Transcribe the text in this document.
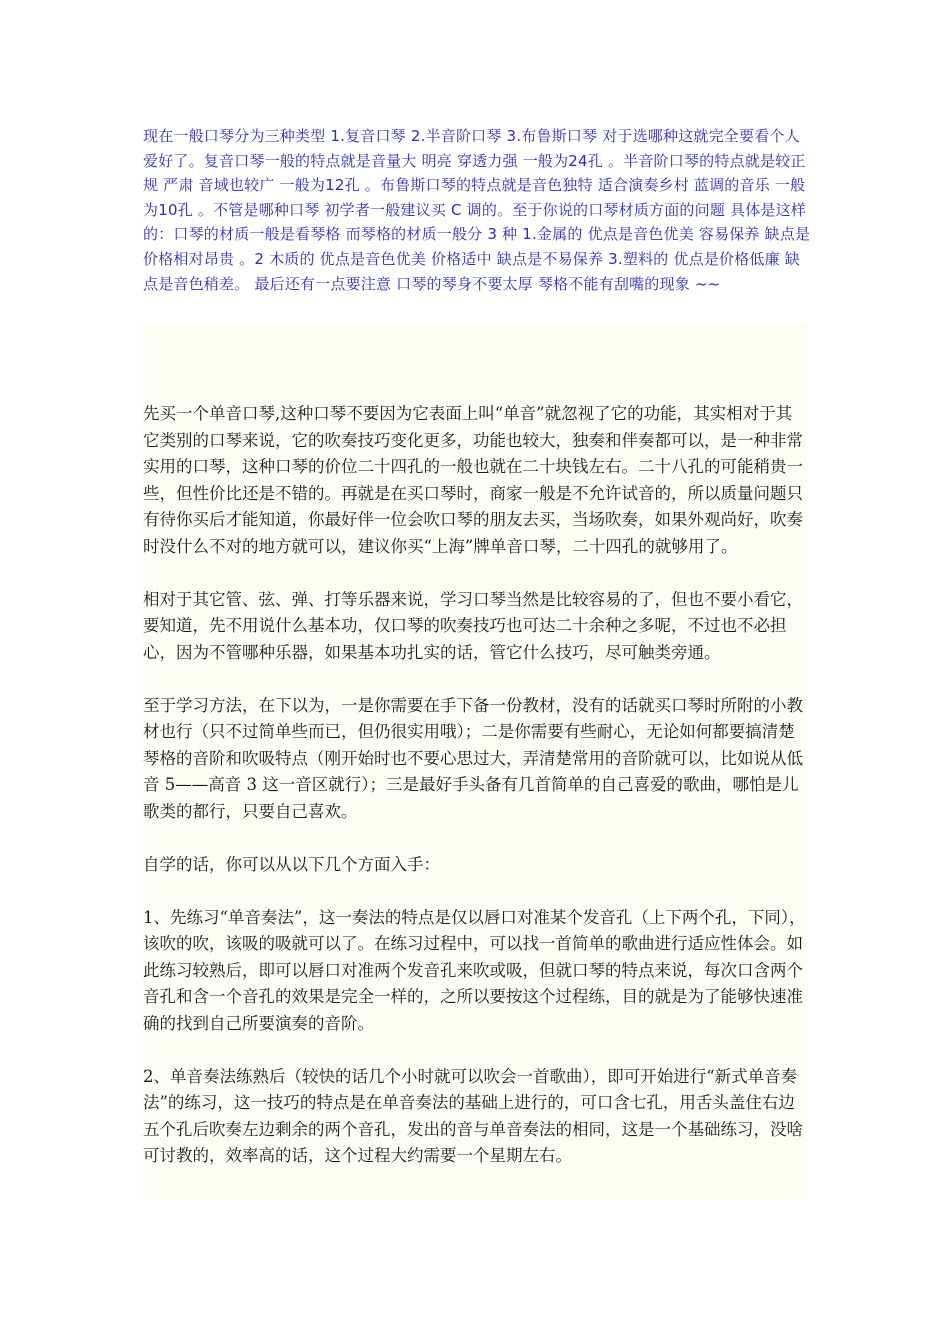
现在一般口琴分为三种类型 1.复音口琴 2.半音阶口琴 3.布鲁斯口琴 对于选哪种这就完全要看个人爱好了。复音口琴一般的特点就是音量大 明亮 穿透力强 一般为24孔 。半音阶口琴的特点就是较正规 严肃 音域也较广 一般为12孔 。布鲁斯口琴的特点就是音色独特 适合演奏乡村 蓝调的音乐 一般为10孔 。不管是哪种口琴 初学者一般建议买 C 调的。至于你说的口琴材质方面的问题 具体是这样的：口琴的材质一般是看琴格 而琴格的材质一般分 3 种 1.金属的 优点是音色优美 容易保养 缺点是 价格相对昂贵 。2 木质的 优点是音色优美 价格适中 缺点是不易保养 3.塑料的 优点是价格低廉 缺点是音色稍差。 最后还有一点要注意 口琴的琴身不要太厚 琴格不能有刮嘴的现象 ~~

先买一个单音口琴,这种口琴不要因为它表面上叫“单音”就忽视了它的功能，其实相对于其它类别的口琴来说，它的吹奏技巧变化更多，功能也较大，独奏和伴奏都可以，是一种非常实用的口琴，这种口琴的价位二十四孔的一般也就在二十块钱左右。二十八孔的可能稍贵一些，但性价比还是不错的。再就是在买口琴时，商家一般是不允许试音的，所以质量问题只有待你买后才能知道，你最好伴一位会吹口琴的朋友去买，当场吹奏，如果外观尚好，吹奏时没什么不对的地方就可以，建议你买“上海”牌单音口琴，二十四孔的就够用了。

相对于其它管、弦、弹、打等乐器来说，学习口琴当然是比较容易的了，但也不要小看它，要知道，先不用说什么基本功，仅口琴的吹奏技巧也可达二十余种之多呢，不过也不必担心，因为不管哪种乐器，如果基本功扎实的话，管它什么技巧，尽可触类旁通。

至于学习方法，在下以为，一是你需要在手下备一份教材，没有的话就买口琴时所附的小教材也行（只不过简单些而已，但仍很实用哦）；二是你需要有些耐心，无论如何都要搞清楚琴格的音阶和吹吸特点（刚开始时也不要心思过大，弄清楚常用的音阶就可以，比如说从低音 5——高音 3 这一音区就行）；三是最好手头备有几首简单的自己喜爱的歌曲，哪怕是儿歌类的都行，只要自己喜欢。

自学的话，你可以从以下几个方面入手：

1、先练习“单音奏法”，这一奏法的特点是仅以唇口对准某个发音孔（上下两个孔，下同），该吹的吹，该吸的吸就可以了。在练习过程中，可以找一首简单的歌曲进行适应性体会。如此练习较熟后，即可以唇口对准两个发音孔来吹或吸，但就口琴的特点来说，每次口含两个音孔和含一个音孔的效果是完全一样的，之所以要按这个过程练，目的就是为了能够快速准确的找到自己所要演奏的音阶。

2、单音奏法练熟后（较快的话几个小时就可以吹会一首歌曲），即可开始进行“新式单音奏法”的练习，这一技巧的特点是在单音奏法的基础上进行的，可口含七孔，用舌头盖住右边五个孔后吹奏左边剩余的两个音孔，发出的音与单音奏法的相同，这是一个基础练习，没啥可讨教的，效率高的话，这个过程大约需要一个星期左右。
